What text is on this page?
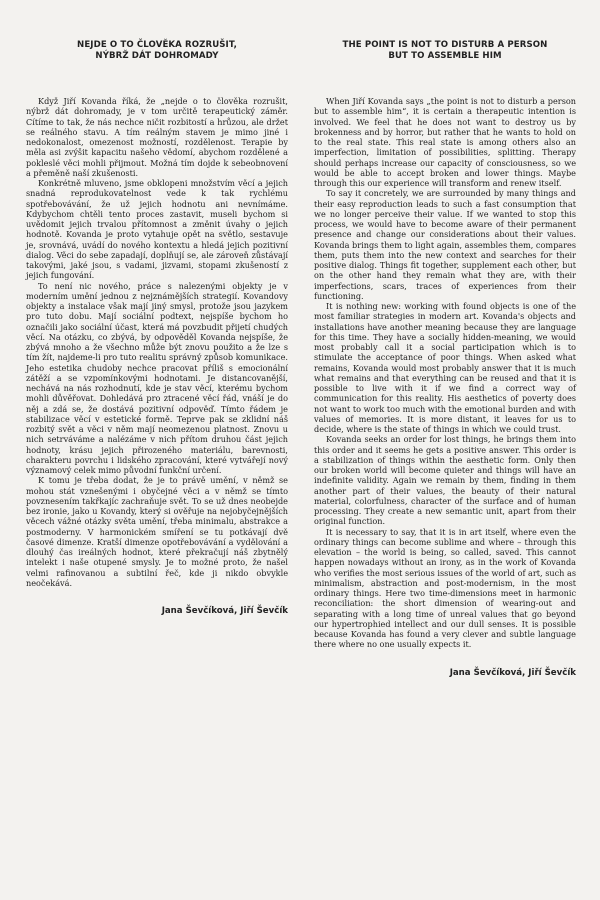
NEJDE O TO ČLOVĚKA ROZRUŠIT,
NÝBRŽ DÁT DOHROMADY

Když Jiří Kovanda říká, že „nejde o to člověka rozrušit, nýbrž dát dohromady, je v tom určitě terapeutický záměr. Cítíme to tak, že nás nechce ničit rozbitostí a hrůzou, ale držet se reálného stavu. A tím reálným stavem je mimo jiné i nedokonalost, omezenost možností, rozdělenost. Terapie by měla asi zvýšit kapacitu našeho vědomí, abychom rozdělené a pokleslé věci mohli přijmout. Možná tím dojde k sebeobnovení a přeměně naší zkušenosti.

Konkrétně mluveno, jsme obklopeni množstvím věcí a jejich snadná reprodukovatelnost vede k tak rychlému spotřebovávání, že už jejich hodnotu ani nevnímáme. Kdybychom chtěli tento proces zastavit, museli bychom si uvědomit jejich trvalou přítomnost a změnit úvahy o jejich hodnotě. Kovanda je proto vytahuje opět na světlo, sestavuje je, srovnává, uvádí do nového kontextu a hledá jejich pozitivní dialog. Věci do sebe zapadají, doplňují se, ale zároveň zůstávají takovými, jaké jsou, s vadami, jizvami, stopami zkušeností z jejich fungování.

To není nic nového, práce s nalezenými objekty je v moderním umění jednou z nejznámějších strategií. Kovandovy objekty a instalace však mají jiný smysl, protože jsou jazykem pro tuto dobu. Mají sociální podtext, nejspíše bychom ho označili jako sociální účast, která má povzbudit přijetí chudých věcí. Na otázku, co zbývá, by odpověděl Kovanda nejspíše, že zbývá mnoho a že všechno může být znovu použito a že lze s tím žít, najdeme-li pro tuto realitu správný způsob komunikace. Jeho estetika chudoby nechce pracovat příliš s emocionální zátěží a se vzpomínkovými hodnotami. Je distancovanější, nechává na nás rozhodnutí, kde je stav věcí, kterému bychom mohli důvěřovat. Dohledává pro ztracené věcí řád, vnáší je do něj a zdá se, že dostává pozitivní odpověď. Tímto řádem je stabilizace věcí v estetické formě. Teprve pak se zklidní náš rozbitý svět a věci v něm mají neomezenou platnost. Znovu u nich setrváváme a nalézáme v nich přítom druhou část jejich hodnoty, krásu jejich přirozeného materiálu, barevnosti, charakteru povrchu i lidského zpracování, které vytvářejí nový významový celek mimo původní funkční určení.

K tomu je třeba dodat, že je to právě umění, v němž se mohou stát vznešenými i obyčejné věci a v němž se tímto povznesením takřkajíc zachraňuje svět. To se už dnes neobejde bez ironie, jako u Kovandy, který si ověřuje na nejobyčejnějších věcech vážné otázky světa umění, třeba minimalu, abstrakce a postmoderny. V harmonickém smíření se tu potkávají dvě časové dimenze. Kratší dimenze opotřebovávání a vydělování a dlouhý čas ireálných hodnot, které překračují náš zbytnělý intelekt i naše otupené smysly. Je to možné proto, že našel velmi rafinovanou a subtilní řeč, kde ji nikdo obvykle neočekává.

Jana Ševčíková, Jiří Ševčík

THE POINT IS NOT TO DISTURB A PERSON
BUT TO ASSEMBLE HIM

When Jiří Kovanda says „the point is not to disturb a person but to assemble him“, it is certain a therapeutic intention is involved. We feel that he does not want to destroy us by brokenness and by horror, but rather that he wants to hold on to the real state. This real state is among others also an imperfection, limitation of possibilities, splitting. Therapy should perhaps increase our capacity of consciousness, so we would be able to accept broken and lower things. Maybe through this our experience will transform and renew itself.

To say it concretely, we are surrounded by many things and their easy reproduction leads to such a fast consumption that we no longer perceive their value. If we wanted to stop this process, we would have to become aware of their permanent presence and change our considerations about their values. Kovanda brings them to light again, assembles them, compares them, puts them into the new context and searches for their positive dialog. Things fit together, supplement each other, but on the other hand they remain what they are, with their imperfections, scars, traces of experiences from their functioning.

It is nothing new: working with found objects is one of the most familiar strategies in modern art. Kovanda's objects and installations have another meaning because they are language for this time. They have a socially hidden-meaning, we would most probably call it a social participation which is to stimulate the acceptance of poor things. When asked what remains, Kovanda would most probably answer that it is much what remains and that everything can be reused and that it is possible to live with it if we find a correct way of communication for this reality. His aesthetics of poverty does not want to work too much with the emotional burden and with values of memories. It is more distant, it leaves for us to decide, where is the state of things in which we could trust.

Kovanda seeks an order for lost things, he brings them into this order and it seems he gets a positive answer. This order is a stabilization of things within the aesthetic form. Only then our broken world will become quieter and things will have an indefinite validity. Again we remain by them, finding in them another part of their values, the beauty of their natural material, colorfulness, character of the surface and of human processing. They create a new semantic unit, apart from their original function.

It is necessary to say, that it is in art itself, where even the ordinary things can become sublime and where – through this elevation – the world is being, so called, saved. This cannot happen nowadays without an irony, as in the work of Kovanda who verifies the most serious issues of the world of art, such as minimalism, abstraction and post-modernism, in the most ordinary things. Here two time-dimensions meet in harmonic reconciliation: the short dimension of wearing-out and separating with a long time of unreal values that go beyond our hypertrophied intellect and our dull senses. It is possible because Kovanda has found a very clever and subtle language there where no one usually expects it.

Jana Ševčíková, Jiří Ševčík
